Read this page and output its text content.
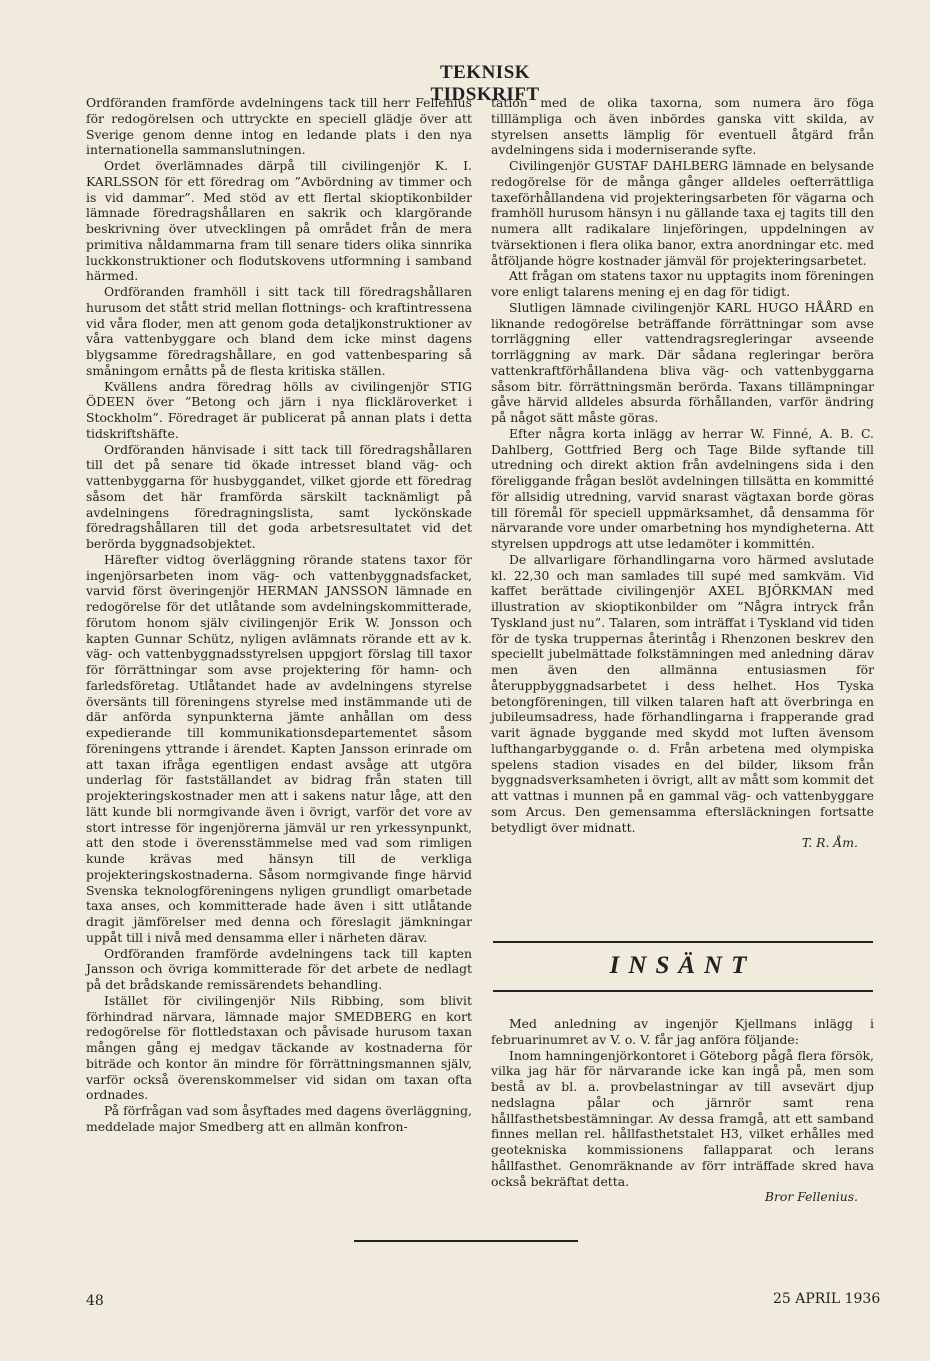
TEKNISK TIDSKRIFT

Ordföranden framförde avdelningens tack till herr Fellenius för redogörelsen och uttryckte en speciell glädje över att Sverige genom denne intog en ledande plats i den nya internationella sammanslutningen.

Ordet överlämnades därpå till civilingenjör K. I. KARLSSON för ett föredrag om ”Avbördning av timmer och is vid dammar”. Med stöd av ett flertal skioptikonbilder lämnade föredragshållaren en sakrik och klargörande beskrivning över utvecklingen på området från de mera primitiva nåldammarna fram till senare tiders olika sinnrika luckkonstruktioner och flodutskovens utformning i samband härmed.

Ordföranden framhöll i sitt tack till föredragshållaren hurusom det stått strid mellan flottnings- och kraftintressena vid våra floder, men att genom goda detaljkonstruktioner av våra vattenbyggare och bland dem icke minst dagens blygsamme föredragshållare, en god vattenbesparing så småningom ernåtts på de flesta kritiska ställen.

Kvällens andra föredrag hölls av civilingenjör STIG ÖDEEN över ”Betong och järn i nya flickläroverket i Stockholm”. Föredraget är publicerat på annan plats i detta tidskriftshäfte.

Ordföranden hänvisade i sitt tack till föredragshållaren till det på senare tid ökade intresset bland väg- och vattenbyggarna för husbyggandet, vilket gjorde ett föredrag såsom det här framförda särskilt tacknämligt på avdelningens föredragningslista, samt lyckönskade föredragshållaren till det goda arbetsresultatet vid det berörda byggnadsobjektet.

Härefter vidtog överläggning rörande statens taxor för ingenjörsarbeten inom väg- och vattenbyggnadsfacket, varvid först överingenjör HERMAN JANSSON lämnade en redogörelse för det utlåtande som avdelningskommitterade, förutom honom själv civilingenjör Erik W. Jonsson och kapten Gunnar Schütz, nyligen avlämnats rörande ett av k. väg- och vattenbyggnadsstyrelsen uppgjort förslag till taxor för förrättningar som avse projektering för hamn- och farledsföretag. Utlåtandet hade av avdelningens styrelse översänts till föreningens styrelse med instämmande uti de där anförda synpunkterna jämte anhållan om dess expedierande till kommunikationsdepartementet såsom föreningens yttrande i ärendet. Kapten Jansson erinrade om att taxan ifråga egentligen endast avsåge att utgöra underlag för fastställandet av bidrag från staten till projekteringskostnader men att i sakens natur låge, att den lätt kunde bli normgivande även i övrigt, varför det vore av stort intresse för ingenjörerna jämväl ur ren yrkessynpunkt, att den stode i överensstämmelse med vad som rimligen kunde krävas med hänsyn till de verkliga projekteringskostnaderna. Såsom normgivande finge härvid Svenska teknologföreningens nyligen grundligt omarbetade taxa anses, och kommitterade hade även i sitt utlåtande dragit jämförelser med denna och föreslagit jämkningar uppåt till i nivå med densamma eller i närheten därav.

Ordföranden framförde avdelningens tack till kapten Jansson och övriga kommitterade för det arbete de nedlagt på det brådskande remissärendets behandling.

Istället för civilingenjör Nils Ribbing, som blivit förhindrad närvara, lämnade major SMEDBERG en kort redogörelse för flottledstaxan och påvisade hurusom taxan mången gång ej medgav täckande av kostnaderna för biträde och kontor än mindre för förrättningsmannen själv, varför också överenskommelser vid sidan om taxan ofta ordnades.

På förfrågan vad som åsyftades med dagens överläggning, meddelade major Smedberg att en allmän konfron-

tation med de olika taxorna, som numera äro föga tilllämpliga och även inbördes ganska vitt skilda, av styrelsen ansetts lämplig för eventuell åtgärd från avdelningens sida i moderniserande syfte.

Civilingenjör GUSTAF DAHLBERG lämnade en belysande redogörelse för de många gånger alldeles oefterrättliga taxeförhållandena vid projekteringsarbeten för vägarna och framhöll hurusom hänsyn i nu gällande taxa ej tagits till den numera allt radikalare linjeföringen, uppdelningen av tvärsektionen i flera olika banor, extra anordningar etc. med åtföljande högre kostnader jämväl för projekteringsarbetet.

Att frågan om statens taxor nu upptagits inom föreningen vore enligt talarens mening ej en dag för tidigt.

Slutligen lämnade civilingenjör KARL HUGO HÅÅRD en liknande redogörelse beträffande förrättningar som avse torrläggning eller vattendragsregleringar avseende torrläggning av mark. Där sådana regleringar beröra vattenkraftförhållandena bliva väg- och vattenbyggarna såsom bitr. förrättningsmän berörda. Taxans tillämpningar gåve härvid alldeles absurda förhållanden, varför ändring på något sätt måste göras.

Efter några korta inlägg av herrar W. Finné, A. B. C. Dahlberg, Gottfried Berg och Tage Bilde syftande till utredning och direkt aktion från avdelningens sida i den föreliggande frågan beslöt avdelningen tillsätta en kommitté för allsidig utredning, varvid snarast vägtaxan borde göras till föremål för speciell uppmärksamhet, då densamma för närvarande vore under omarbetning hos myndigheterna. Att styrelsen uppdrogs att utse ledamöter i kommittén.

De allvarligare förhandlingarna voro härmed avslutade kl. 22,30 och man samlades till supé med samkväm. Vid kaffet berättade civilingenjör AXEL BJÖRKMAN med illustration av skioptikonbilder om ”Några intryck från Tyskland just nu”. Talaren, som inträffat i Tyskland vid tiden för de tyska truppernas återintåg i Rhenzonen beskrev den speciellt jubelmättade folkstämningen med anledning därav men även den allmänna entusiasmen för återuppbyggnadsarbetet i dess helhet. Hos Tyska betongföreningen, till vilken talaren haft att överbringa en jubileumsadress, hade förhandlingarna i frapperande grad varit ägnade byggande med skydd mot luften ävensom lufthangarbyggande o. d. Från arbetena med olympiska spelens stadion visades en del bilder, liksom från byggnadsverksamheten i övrigt, allt av mått som kommit det att vattnas i munnen på en gammal väg- och vattenbyggare som Arcus. Den gemensamma eftersläckningen fortsatte betydligt över midnatt.

T. R. Åm.

INSÄNT

Med anledning av ingenjör Kjellmans inlägg i februarinumret av V. o. V. får jag anföra följande:

Inom hamningenjörkontoret i Göteborg pågå flera försök, vilka jag här för närvarande icke kan ingå på, men som bestå av bl. a. provbelastningar av till avsevärt djup nedslagna pålar och järnrör samt rena hållfasthetsbestämningar. Av dessa framgå, att ett samband finnes mellan rel. hållfasthetstalet H3, vilket erhålles med geotekniska kommissionens fallapparat och lerans hållfasthet. Genomräknande av förr inträffade skred hava också bekräftat detta.

Bror Fellenius.

48	25 APRIL 1936
